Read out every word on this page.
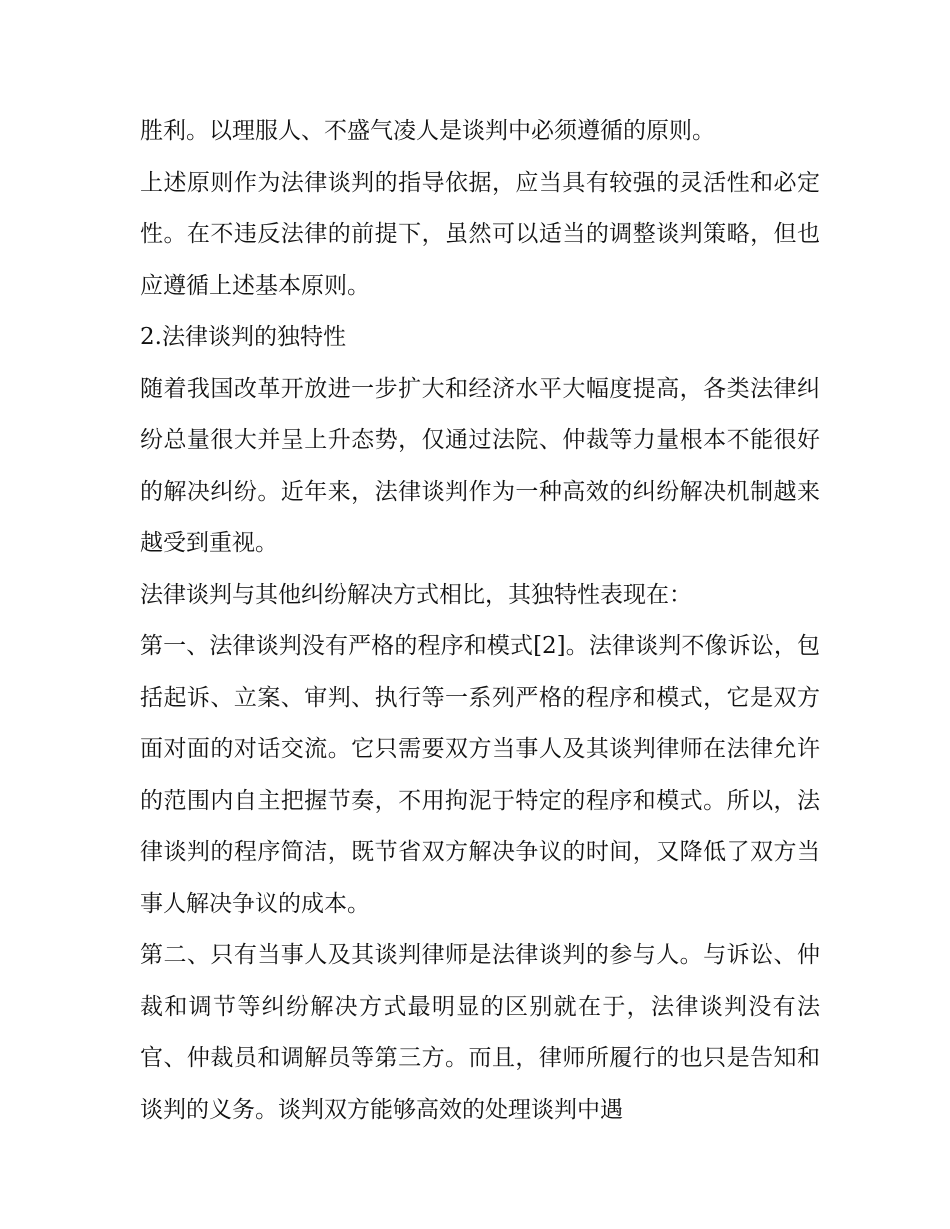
胜利。以理服人、不盛气凌人是谈判中必须遵循的原则。

上述原则作为法律谈判的指导依据，应当具有较强的灵活性和必定性。在不违反法律的前提下，虽然可以适当的调整谈判策略，但也应遵循上述基本原则。

2.法律谈判的独特性

随着我国改革开放进一步扩大和经济水平大幅度提高，各类法律纠纷总量很大并呈上升态势，仅通过法院、仲裁等力量根本不能很好的解决纠纷。近年来，法律谈判作为一种高效的纠纷解决机制越来越受到重视。

法律谈判与其他纠纷解决方式相比，其独特性表现在：

第一、法律谈判没有严格的程序和模式[2]。法律谈判不像诉讼，包括起诉、立案、审判、执行等一系列严格的程序和模式，它是双方面对面的对话交流。它只需要双方当事人及其谈判律师在法律允许的范围内自主把握节奏，不用拘泥于特定的程序和模式。所以，法律谈判的程序简洁，既节省双方解决争议的时间，又降低了双方当事人解决争议的成本。

第二、只有当事人及其谈判律师是法律谈判的参与人。与诉讼、仲裁和调节等纠纷解决方式最明显的区别就在于，法律谈判没有法官、仲裁员和调解员等第三方。而且，律师所履行的也只是告知和谈判的义务。谈判双方能够高效的处理谈判中遇
